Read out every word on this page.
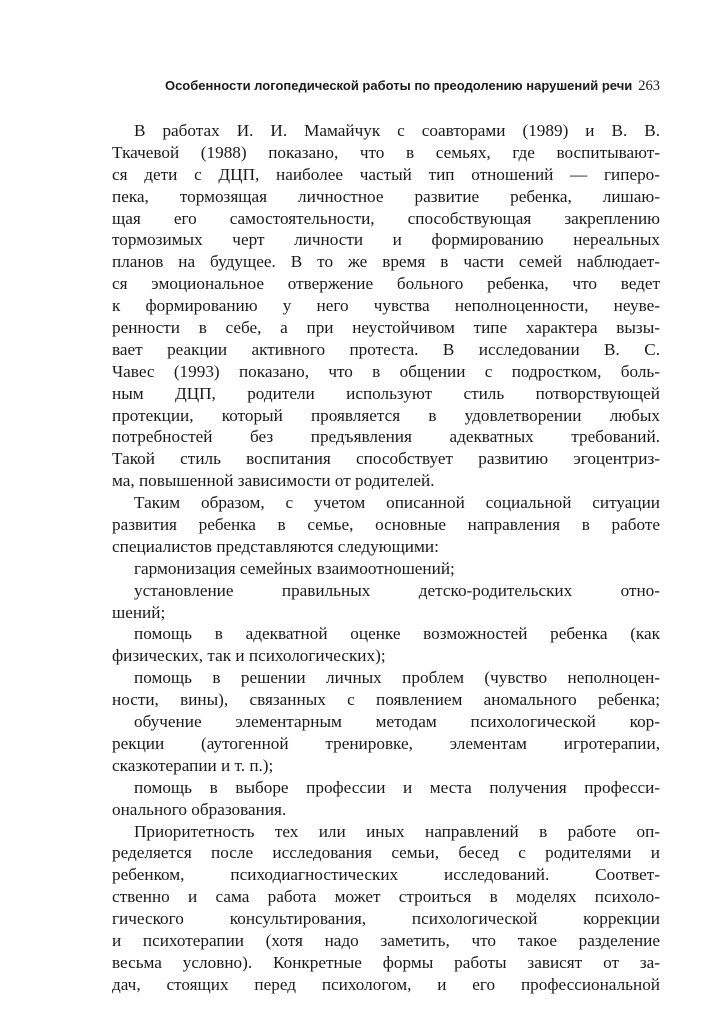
Особенности логопедической работы по преодолению нарушений речи 263
В работах И. И. Мамайчук с соавторами (1989) и В. В.
Ткачевой (1988) показано, что в семьях, где воспитывают-
ся дети с ДЦП, наиболее частый тип отношений — гиперо-
пека, тормозящая личностное развитие ребенка, лишаю-
щая его самостоятельности, способствующая закреплению
тормозимых черт личности и формированию нереальных
планов на будущее. В то же время в части семей наблюдает-
ся эмоциональное отвержение больного ребенка, что ведет
к формированию у него чувства неполноценности, неуве-
ренности в себе, а при неустойчивом типе характера вызы-
вает реакции активного протеста. В исследовании В. С.
Чавес (1993) показано, что в общении с подростком, боль-
ным ДЦП, родители используют стиль потворствующей
протекции, который проявляется в удовлетворении любых
потребностей без предъявления адекватных требований.
Такой стиль воспитания способствует развитию эгоцентриз-
ма, повышенной зависимости от родителей.
Таким образом, с учетом описанной социальной ситуации
развития ребенка в семье, основные направления в работе
специалистов представляются следующими:
гармонизация семейных взаимоотношений;
установление правильных детско-родительских отно-
шений;
помощь в адекватной оценке возможностей ребенка (как
физических, так и психологических);
помощь в решении личных проблем (чувство неполноцен-
ности, вины), связанных с появлением аномального ребенка;
обучение элементарным методам психологической кор-
рекции (аутогенной тренировке, элементам игротерапии,
сказкотерапии и т. п.);
помощь в выборе профессии и места получения професси-
онального образования.
Приоритетность тех или иных направлений в работе оп-
ределяется после исследования семьи, бесед с родителями и
ребенком, психодиагностических исследований. Соответ-
ственно и сама работа может строиться в моделях психоло-
гического консультирования, психологической коррекции
и психотерапии (хотя надо заметить, что такое разделение
весьма условно). Конкретные формы работы зависят от за-
дач, стоящих перед психологом, и его профессиональной
